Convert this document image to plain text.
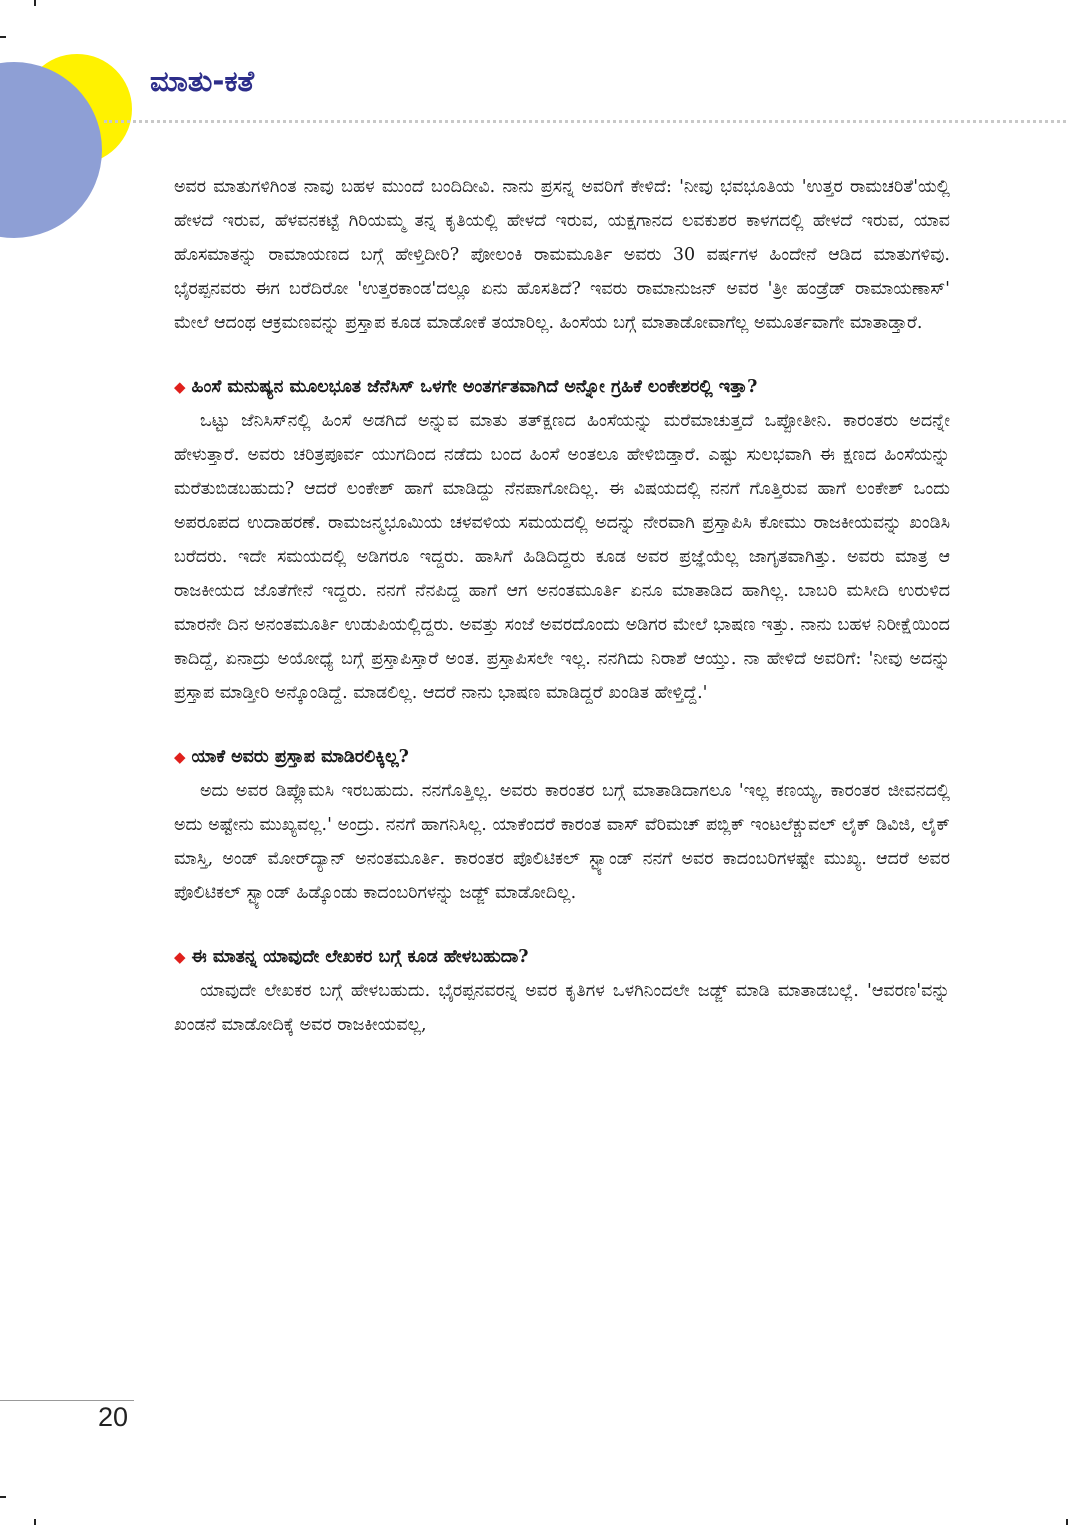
ಮಾತು-ಕತೆ

ಅವರ ಮಾತುಗಳಿಗಿಂತ ನಾವು ಬಹಳ ಮುಂದೆ ಬಂದಿದೀವಿ. ನಾನು ಪ್ರಸನ್ನ ಅವರಿಗೆ ಕೇಳಿದೆ: 'ನೀವು ಭವಭೂತಿಯ 'ಉತ್ತರ ರಾಮಚರಿತೆ'ಯಲ್ಲಿ ಹೇಳದೆ ಇರುವ, ಹೆಳವನಕಟ್ಟೆ ಗಿರಿಯಮ್ಮ ತನ್ನ ಕೃತಿಯಲ್ಲಿ ಹೇಳದೆ ಇರುವ, ಯಕ್ಷಗಾನದ ಲವಕುಶರ ಕಾಳಗದಲ್ಲಿ ಹೇಳದೆ ಇರುವ, ಯಾವ ಹೊಸಮಾತನ್ನು ರಾಮಾಯಣದ ಬಗ್ಗೆ ಹೇಳ್ತಿದೀರಿ? ಪೋಲಂಕಿ ರಾಮಮೂರ್ತಿ ಅವರು 30 ವರ್ಷಗಳ ಹಿಂದೇನೆ ಆಡಿದ ಮಾತುಗಳಿವು. ಭೈರಪ್ಪನವರು ಈಗ ಬರೆದಿರೋ 'ಉತ್ತರಕಾಂಡ'ದಲ್ಲೂ ಏನು ಹೊಸತಿದೆ? ಇವರು ರಾಮಾನುಜನ್ ಅವರ 'ತ್ರೀ ಹಂಡ್ರೆಡ್ ರಾಮಾಯಣಾಸ್' ಮೇಲೆ ಆದಂಥ ಆಕ್ರಮಣವನ್ನು ಪ್ರಸ್ತಾಪ ಕೂಡ ಮಾಡೋಕೆ ತಯಾರಿಲ್ಲ. ಹಿಂಸೆಯ ಬಗ್ಗೆ ಮಾತಾಡೋವಾಗೆಲ್ಲ ಅಮೂರ್ತವಾಗೇ ಮಾತಾಡ್ತಾರೆ.

◆ ಹಿಂಸೆ ಮನುಷ್ಯನ ಮೂಲಭೂತ ಜೆನೆಸಿಸ್ ಒಳಗೇ ಅಂತರ್ಗತವಾಗಿದೆ ಅನ್ನೋ ಗ್ರಹಿಕೆ ಲಂಕೇಶರಲ್ಲಿ ಇತ್ತಾ?

ಒಟ್ಟು ಜೆನಿಸಿಸ್‌ನಲ್ಲಿ ಹಿಂಸೆ ಅಡಗಿದೆ ಅನ್ನುವ ಮಾತು ತತ್‌ಕ್ಷಣದ ಹಿಂಸೆಯನ್ನು ಮರೆಮಾಚುತ್ತದೆ ಒಪ್ಪೋತೀನಿ. ಕಾರಂತರು ಅದನ್ನೇ ಹೇಳುತ್ತಾರೆ. ಅವರು ಚರಿತ್ರಪೂರ್ವ ಯುಗದಿಂದ ನಡೆದು ಬಂದ ಹಿಂಸೆ ಅಂತಲೂ ಹೇಳಿಬಿಡ್ತಾರೆ. ಎಷ್ಟು ಸುಲಭವಾಗಿ ಈ ಕ್ಷಣದ ಹಿಂಸೆಯನ್ನು ಮರೆತುಬಿಡಬಹುದು? ಆದರೆ ಲಂಕೇಶ್ ಹಾಗೆ ಮಾಡಿದ್ದು ನೆನಪಾಗೋದಿಲ್ಲ. ಈ ವಿಷಯದಲ್ಲಿ ನನಗೆ ಗೊತ್ತಿರುವ ಹಾಗೆ ಲಂಕೇಶ್ ಒಂದು ಅಪರೂಪದ ಉದಾಹರಣೆ. ರಾಮಜನ್ಮಭೂಮಿಯ ಚಳವಳಿಯ ಸಮಯದಲ್ಲಿ ಅದನ್ನು ನೇರವಾಗಿ ಪ್ರಸ್ತಾಪಿಸಿ ಕೋಮು ರಾಜಕೀಯವನ್ನು ಖಂಡಿಸಿ ಬರೆದರು. ಇದೇ ಸಮಯದಲ್ಲಿ ಅಡಿಗರೂ ಇದ್ದರು. ಹಾಸಿಗೆ ಹಿಡಿದಿದ್ದರು ಕೂಡ ಅವರ ಪ್ರಜ್ಞೆಯೆಲ್ಲ ಜಾಗೃತವಾಗಿತ್ತು. ಅವರು ಮಾತ್ರ ಆ ರಾಜಕೀಯದ ಜೊತೆಗೇನೆ ಇದ್ದರು. ನನಗೆ ನೆನಪಿದ್ದ ಹಾಗೆ ಆಗ ಅನಂತಮೂರ್ತಿ ಏನೂ ಮಾತಾಡಿದ ಹಾಗಿಲ್ಲ. ಬಾಬರಿ ಮಸೀದಿ ಉರುಳಿದ ಮಾರನೇ ದಿನ ಅನಂತಮೂರ್ತಿ ಉಡುಪಿಯಲ್ಲಿದ್ದರು. ಅವತ್ತು ಸಂಜೆ ಅವರದೊಂದು ಅಡಿಗರ ಮೇಲೆ ಭಾಷಣ ಇತ್ತು. ನಾನು ಬಹಳ ನಿರೀಕ್ಷೆಯಿಂದ ಕಾದಿದ್ದೆ, ಏನಾದ್ರು ಅಯೋಧ್ಯೆ ಬಗ್ಗೆ ಪ್ರಸ್ತಾಪಿಸ್ತಾರೆ ಅಂತ. ಪ್ರಸ್ತಾಪಿಸಲೇ ಇಲ್ಲ. ನನಗಿದು ನಿರಾಶೆ ಆಯ್ತು. ನಾ ಹೇಳಿದೆ ಅವರಿಗೆ: 'ನೀವು ಅದನ್ನು ಪ್ರಸ್ತಾಪ ಮಾಡ್ತೀರಿ ಅನ್ಕೊಂಡಿದ್ದೆ. ಮಾಡಲಿಲ್ಲ. ಆದರೆ ನಾನು ಭಾಷಣ ಮಾಡಿದ್ದರೆ ಖಂಡಿತ ಹೇಳ್ತಿದ್ದೆ.'

◆ ಯಾಕೆ ಅವರು ಪ್ರಸ್ತಾಪ ಮಾಡಿರಲಿಕ್ಕಿಲ್ಲ?

ಅದು ಅವರ ಡಿಪ್ಲೊಮಸಿ ಇರಬಹುದು. ನನಗೊತ್ತಿಲ್ಲ. ಅವರು ಕಾರಂತರ ಬಗ್ಗೆ ಮಾತಾಡಿದಾಗಲೂ 'ಇಲ್ಲ ಕಣಯ್ಯ, ಕಾರಂತರ ಜೀವನದಲ್ಲಿ ಅದು ಅಷ್ಟೇನು ಮುಖ್ಯವಲ್ಲ.' ಅಂದ್ರು. ನನಗೆ ಹಾಗನಿಸಿಲ್ಲ. ಯಾಕೆಂದರೆ ಕಾರಂತ ವಾಸ್ ವೆರಿಮಚ್ ಪಬ್ಲಿಕ್ ಇಂಟಲೆಕ್ಚುವಲ್ ಲೈಕ್ ಡಿವಿಜಿ, ಲೈಕ್ ಮಾಸ್ತಿ, ಅಂಡ್ ಮೋರ್‌ದ್ಯಾನ್ ಅನಂತಮೂರ್ತಿ. ಕಾರಂತರ ಪೊಲಿಟಿಕಲ್ ಸ್ಟ್ಯಾಂಡ್ ನನಗೆ ಅವರ ಕಾದಂಬರಿಗಳಷ್ಟೇ ಮುಖ್ಯ. ಆದರೆ ಅವರ ಪೊಲಿಟಿಕಲ್ ಸ್ಟ್ಯಾಂಡ್ ಹಿಡ್ಕೊಂಡು ಕಾದಂಬರಿಗಳನ್ನು ಜಡ್ಜ್ ಮಾಡೋದಿಲ್ಲ.

◆ ಈ ಮಾತನ್ನ ಯಾವುದೇ ಲೇಖಕರ ಬಗ್ಗೆ ಕೂಡ ಹೇಳಬಹುದಾ?

ಯಾವುದೇ ಲೇಖಕರ ಬಗ್ಗೆ ಹೇಳಬಹುದು. ಭೈರಪ್ಪನವರನ್ನ ಅವರ ಕೃತಿಗಳ ಒಳಗಿನಿಂದಲೇ ಜಡ್ಜ್ ಮಾಡಿ ಮಾತಾಡಬಲ್ಲೆ. 'ಆವರಣ'ವನ್ನು ಖಂಡನೆ ಮಾಡೋದಿಕ್ಕೆ ಅವರ ರಾಜಕೀಯವಲ್ಲ,

20
